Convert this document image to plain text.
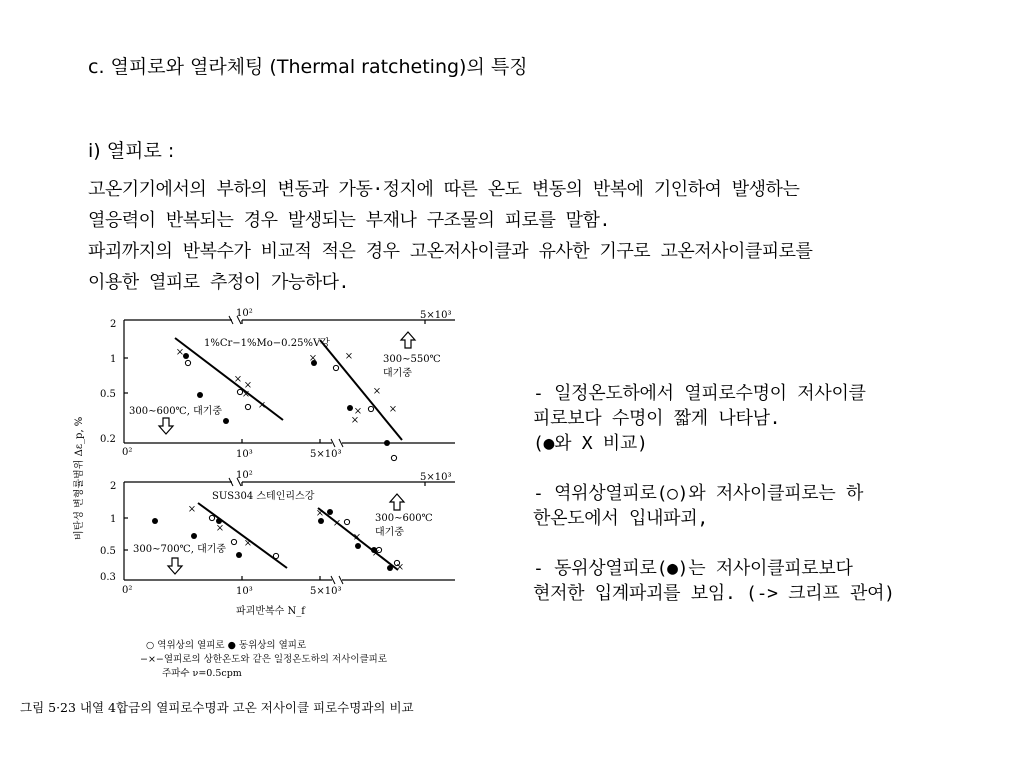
c. 열피로와 열라체팅 (Thermal ratcheting)의 특징
i) 열피로 :
고온기기에서의 부하의 변동과 가동·정지에 따른 온도 변동의 반복에 기인하여 발생하는
열응력이 반복되는 경우 발생되는 부재나 구조물의 피로를 말함.
파괴까지의 반복수가 비교적 적은 경우 고온저사이클과 유사한 기구로 고온저사이클피로를
이용한 열피로 추정이 가능하다.
- 일정온도하에서 열피로수명이 저사이클
피로보다 수명이 짧게 나타남.
(●와 X 비교)
- 역위상열피로(○)와 저사이클피로는 하
한온도에서 입내파괴,
- 동위상열피로(●)는 저사이클피로보다
현저한 입계파괴를 보임. (-> 크리프 관여)
2
1
0.5
0.2
10²	5×10³
0²	10³	5×10³
1%Cr−1%Mo−0.25%V강
300∼600℃, 대기중
300∼550℃
대기중
×
×
×
×
×
×	×
×
×
×
×
2
1
0.5
0.3
10²	5×10³
0²	10³	5×10³
SUS304 스테인리스강
300∼700℃, 대기중
300∼600℃
대기중
×
×
×
×
×
×
×
×
비탄성 변형률범위 Δε_p, %
파괴반복수 N_f
○ 역위상의 열피로 ● 동위상의 열피로
−×−열피로의 상한온도와 같은 일정온도하의 저사이클피로
주파수 ν=0.5cpm
그림 5·23 내열 4합금의 열피로수명과 고온 저사이클 피로수명과의 비교
